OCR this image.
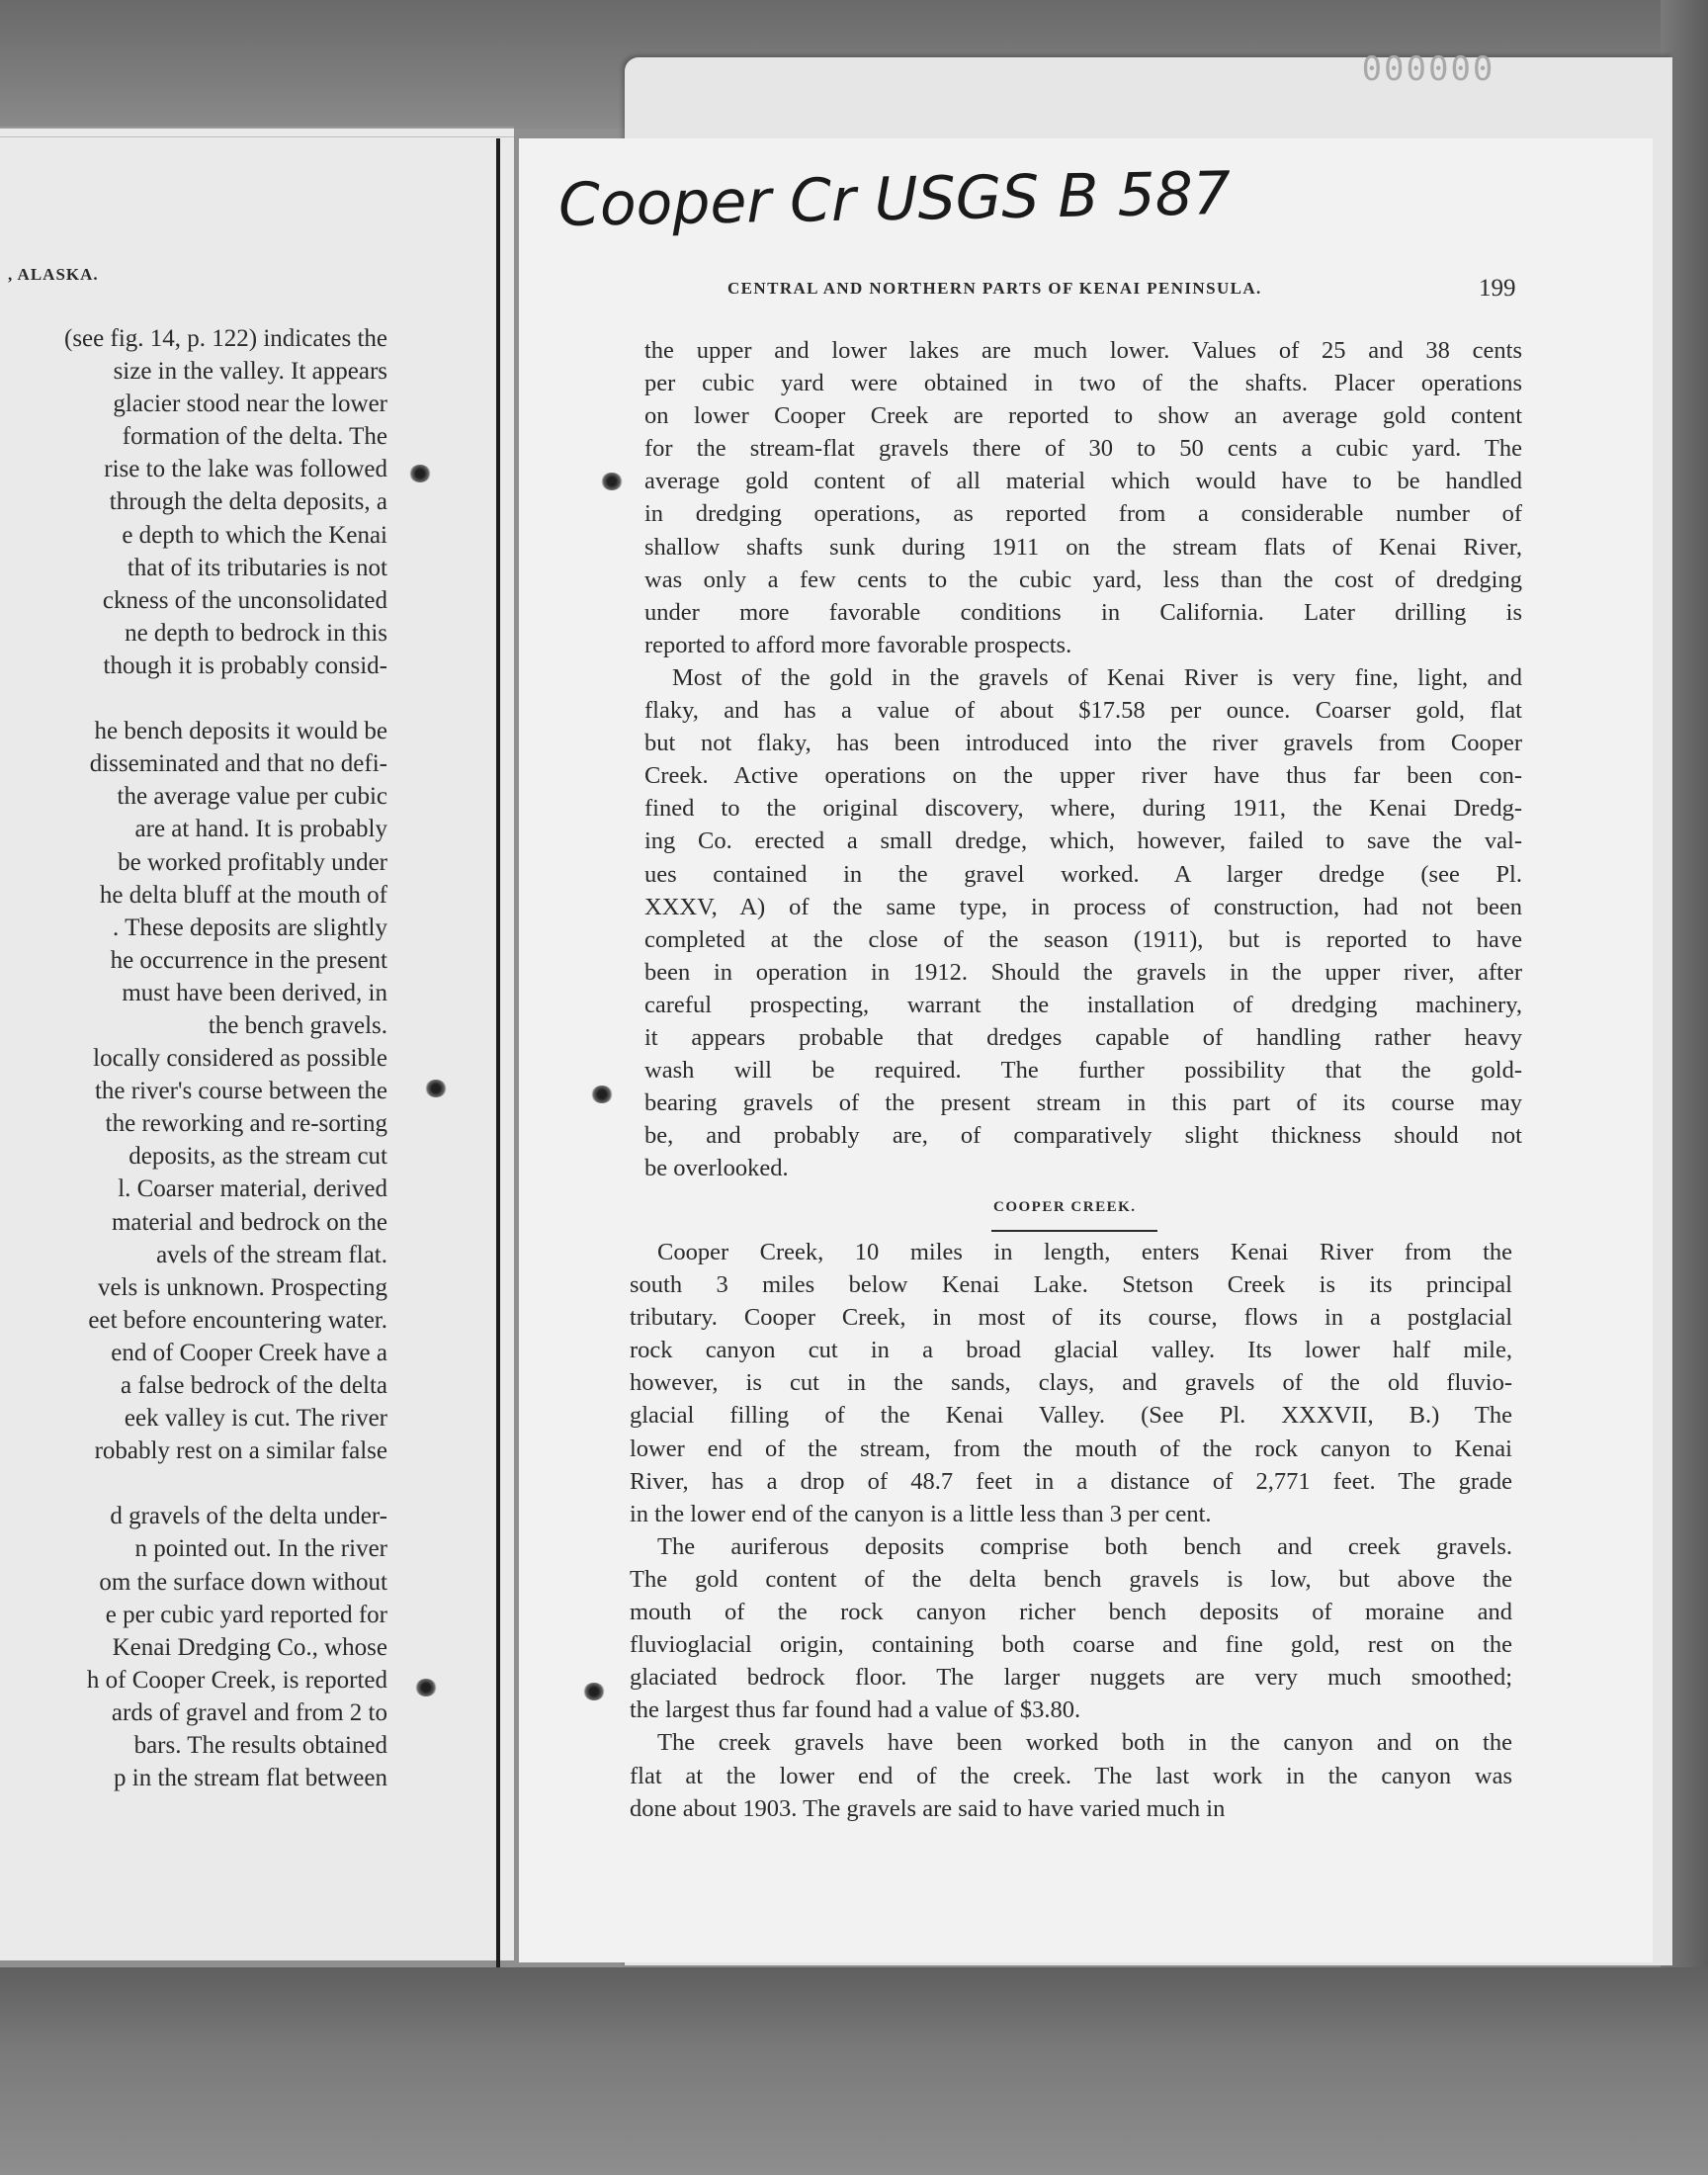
000000
, ALASKA.
(see fig. 14, p. 122) indicates the
size in the valley. It appears
glacier stood near the lower
formation of the delta. The
rise to the lake was followed
through the delta deposits, a
e depth to which the Kenai
that of its tributaries is not
ckness of the unconsolidated
ne depth to bedrock in this
though it is probably consid-
he bench deposits it would be
disseminated and that no defi-
the average value per cubic
are at hand. It is probably
be worked profitably under
he delta bluff at the mouth of
. These deposits are slightly
he occurrence in the present
must have been derived, in
the bench gravels.
locally considered as possible
the river's course between the
the reworking and re-sorting
deposits, as the stream cut
l. Coarser material, derived
material and bedrock on the
avels of the stream flat.
vels is unknown. Prospecting
eet before encountering water.
end of Cooper Creek have a
a false bedrock of the delta
eek valley is cut. The river
robably rest on a similar false
d gravels of the delta under-
n pointed out. In the river
om the surface down without
e per cubic yard reported for
Kenai Dredging Co., whose
h of Cooper Creek, is reported
ards of gravel and from 2 to
bars. The results obtained
p in the stream flat between
Cooper Cr USGS B 587
CENTRAL AND NORTHERN PARTS OF KENAI PENINSULA.	199
the upper and lower lakes are much lower. Values of 25 and 38 cents
per cubic yard were obtained in two of the shafts. Placer operations
on lower Cooper Creek are reported to show an average gold content
for the stream-flat gravels there of 30 to 50 cents a cubic yard. The
average gold content of all material which would have to be handled
in dredging operations, as reported from a considerable number of
shallow shafts sunk during 1911 on the stream flats of Kenai River,
was only a few cents to the cubic yard, less than the cost of dredging
under more favorable conditions in California. Later drilling is
reported to afford more favorable prospects.
Most of the gold in the gravels of Kenai River is very fine, light, and
flaky, and has a value of about $17.58 per ounce. Coarser gold, flat
but not flaky, has been introduced into the river gravels from Cooper
Creek. Active operations on the upper river have thus far been con-
fined to the original discovery, where, during 1911, the Kenai Dredg-
ing Co. erected a small dredge, which, however, failed to save the val-
ues contained in the gravel worked. A larger dredge (see Pl.
XXXV, A) of the same type, in process of construction, had not been
completed at the close of the season (1911), but is reported to have
been in operation in 1912. Should the gravels in the upper river, after
careful prospecting, warrant the installation of dredging machinery,
it appears probable that dredges capable of handling rather heavy
wash will be required. The further possibility that the gold-
bearing gravels of the present stream in this part of its course may
be, and probably are, of comparatively slight thickness should not
be overlooked.
COOPER CREEK.
Cooper Creek, 10 miles in length, enters Kenai River from the
south 3 miles below Kenai Lake. Stetson Creek is its principal
tributary. Cooper Creek, in most of its course, flows in a postglacial
rock canyon cut in a broad glacial valley. Its lower half mile,
however, is cut in the sands, clays, and gravels of the old fluvio-
glacial filling of the Kenai Valley. (See Pl. XXXVII, B.) The
lower end of the stream, from the mouth of the rock canyon to Kenai
River, has a drop of 48.7 feet in a distance of 2,771 feet. The grade
in the lower end of the canyon is a little less than 3 per cent.
The auriferous deposits comprise both bench and creek gravels.
The gold content of the delta bench gravels is low, but above the
mouth of the rock canyon richer bench deposits of moraine and
fluvioglacial origin, containing both coarse and fine gold, rest on the
glaciated bedrock floor. The larger nuggets are very much smoothed;
the largest thus far found had a value of $3.80.
The creek gravels have been worked both in the canyon and on the
flat at the lower end of the creek. The last work in the canyon was
done about 1903. The gravels are said to have varied much in
